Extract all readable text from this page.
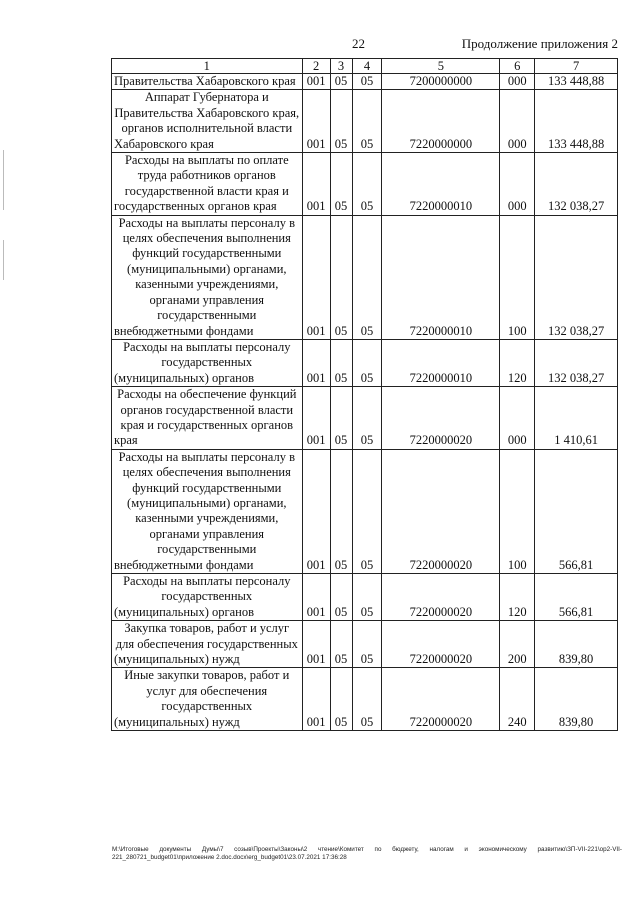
22	Продолжение приложения 2
1	2	3	4	5	6	7
Правительства Хабаровского края	001	05	05	7200000000	000	133 448,88
Аппарат Губернатора и Правительства Хабаровского края, органов исполнительной власти Хабаровского края	001	05	05	7220000000	000	133 448,88
Расходы на выплаты по оплате труда работников органов государственной власти края и государственных органов края	001	05	05	7220000010	000	132 038,27
Расходы на выплаты персоналу в целях обеспечения выполнения функций государственными (муниципальными) органами, казенными учреждениями, органами управления государственными внебюджетными фондами	001	05	05	7220000010	100	132 038,27
Расходы на выплаты персоналу государственных (муниципальных) органов	001	05	05	7220000010	120	132 038,27
Расходы на обеспечение функций органов государственной власти края и государственных органов края	001	05	05	7220000020	000	1 410,61
Расходы на выплаты персоналу в целях обеспечения выполнения функций государственными (муниципальными) органами, казенными учреждениями, органами управления государственными внебюджетными фондами	001	05	05	7220000020	100	566,81
Расходы на выплаты персоналу государственных (муниципальных) органов	001	05	05	7220000020	120	566,81
Закупка товаров, работ и услуг для обеспечения государственных (муниципальных) нужд	001	05	05	7220000020	200	839,80
Иные закупки товаров, работ и услуг для обеспечения государственных (муниципальных) нужд	001	05	05	7220000020	240	839,80
M:\Итоговые документы Думы\7 созыв\Проекты\Законы\2 чтение\Комитет по бюджету, налогам и экономическому развитию\ЗП-VII-221\ор2-VII-221_280721_budget01\приложение 2.doc.docx\erg_budget01\23.07.2021 17:36:28
